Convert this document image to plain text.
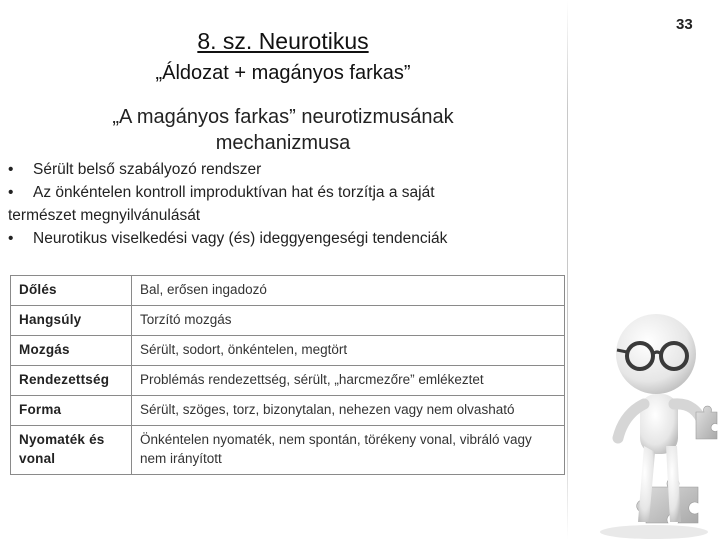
33
8. sz. Neurotikus
„Áldozat + magányos farkas”
„A magányos farkas” neurotizmusának
mechanizmusa
• Sérült belső szabályozó rendszer
• Az önkéntelen kontroll improduktívan hat és torzítja a saját
természet megnyilvánulását
• Neurotikus viselkedési vagy (és) ideggyengeségi tendenciák
Dőlés	Bal, erősen ingadozó
Hangsúly	Torzító mozgás
Mozgás	Sérült, sodort, önkéntelen, megtört
Rendezettség	Problémás rendezettség, sérült, „harcmezőre” emlékeztet
Forma	Sérült, szöges, torz, bizonytalan, nehezen vagy nem olvasható
Nyomaték és vonal	Önkéntelen nyomaték, nem spontán, törékeny vonal, vibráló vagy nem irányított
